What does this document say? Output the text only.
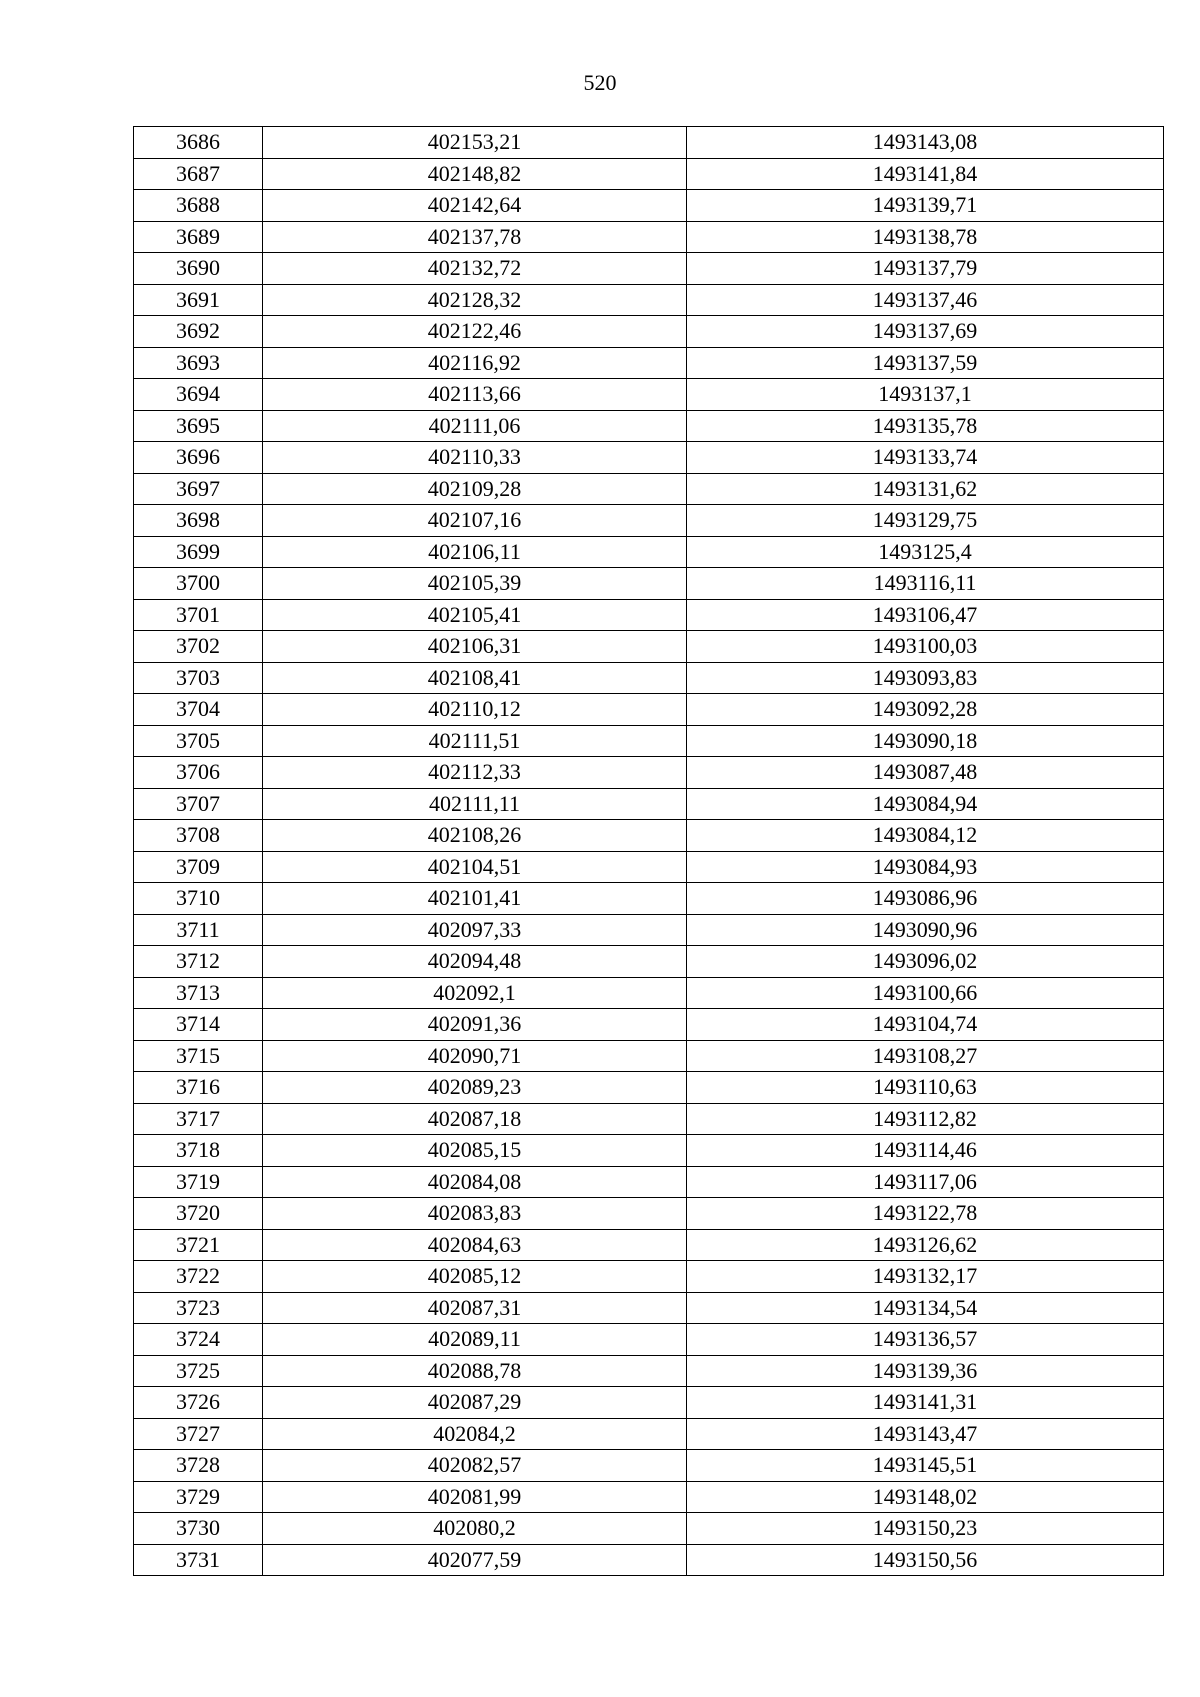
520
3686	402153,21	1493143,08
3687	402148,82	1493141,84
3688	402142,64	1493139,71
3689	402137,78	1493138,78
3690	402132,72	1493137,79
3691	402128,32	1493137,46
3692	402122,46	1493137,69
3693	402116,92	1493137,59
3694	402113,66	1493137,1
3695	402111,06	1493135,78
3696	402110,33	1493133,74
3697	402109,28	1493131,62
3698	402107,16	1493129,75
3699	402106,11	1493125,4
3700	402105,39	1493116,11
3701	402105,41	1493106,47
3702	402106,31	1493100,03
3703	402108,41	1493093,83
3704	402110,12	1493092,28
3705	402111,51	1493090,18
3706	402112,33	1493087,48
3707	402111,11	1493084,94
3708	402108,26	1493084,12
3709	402104,51	1493084,93
3710	402101,41	1493086,96
3711	402097,33	1493090,96
3712	402094,48	1493096,02
3713	402092,1	1493100,66
3714	402091,36	1493104,74
3715	402090,71	1493108,27
3716	402089,23	1493110,63
3717	402087,18	1493112,82
3718	402085,15	1493114,46
3719	402084,08	1493117,06
3720	402083,83	1493122,78
3721	402084,63	1493126,62
3722	402085,12	1493132,17
3723	402087,31	1493134,54
3724	402089,11	1493136,57
3725	402088,78	1493139,36
3726	402087,29	1493141,31
3727	402084,2	1493143,47
3728	402082,57	1493145,51
3729	402081,99	1493148,02
3730	402080,2	1493150,23
3731	402077,59	1493150,56
